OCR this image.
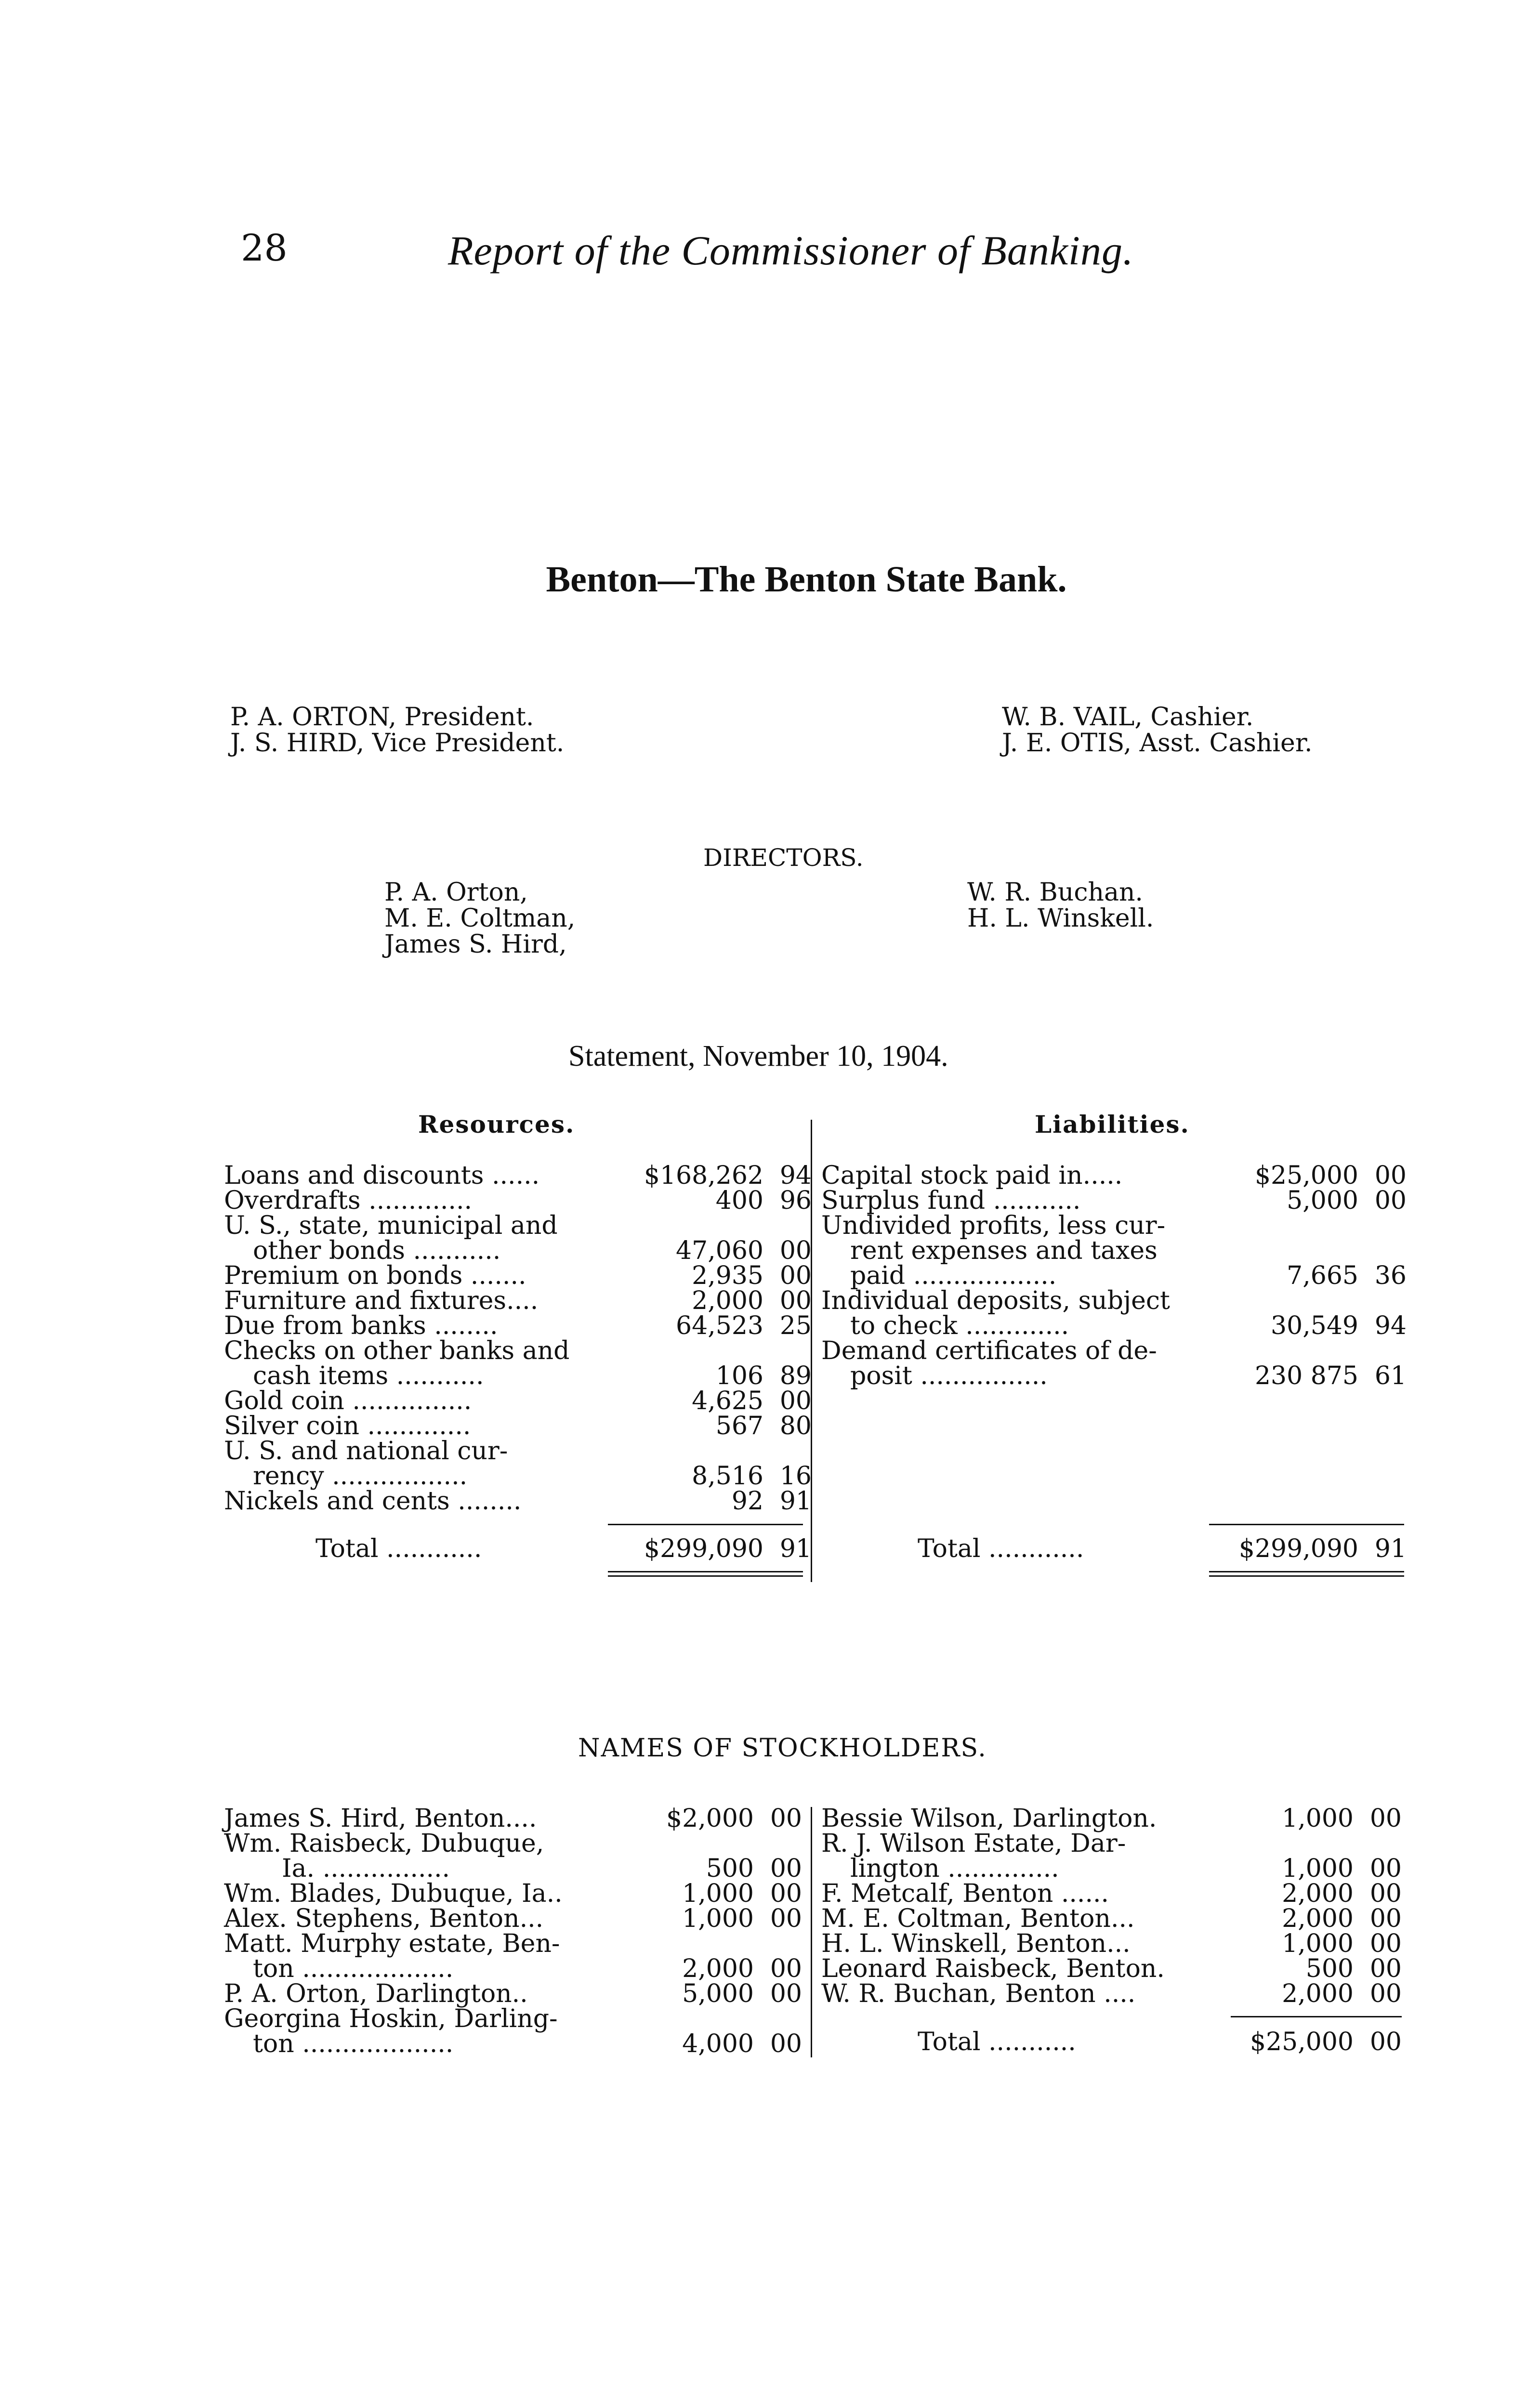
28	Report of the Commissioner of Banking.
Benton—The Benton State Bank.
P. A. ORTON, President.
J. S. HIRD, Vice President.
W. B. VAIL, Cashier.
J. E. OTIS, Asst. Cashier.
DIRECTORS.
P. A. Orton,
M. E. Coltman,
James S. Hird,
W. R. Buchan.
H. L. Winskell.
Statement, November 10, 1904.
Resources.	Liabilities.
Loans and discounts ......	$168,262 94
Overdrafts .............	400 96
U. S., state, municipal and
other bonds ...........	47,060 00
Premium on bonds .......	2,935 00
Furniture and fixtures....	2,000 00
Due from banks ........	64,523 25
Checks on other banks and
cash items ...........	106 89
Gold coin ...............	4,625 00
Silver coin .............	567 80
U. S. and national cur-
rency .................	8,516 16
Nickels and cents ........	92 91
Total ............	$299,090 91
Capital stock paid in.....	$25,000 00
Surplus fund ...........	5,000 00
Undivided profits, less cur-
rent expenses and taxes
paid ..................	7,665 36
Individual deposits, subject
to check .............	30,549 94
Demand certificates of de-
posit ................	230 875 61
Total ............	$299,090 91
NAMES OF STOCKHOLDERS.
James S. Hird, Benton....	$2,000 00
Wm. Raisbeck, Dubuque,
Ia. ................	500 00
Wm. Blades, Dubuque, Ia..	1,000 00
Alex. Stephens, Benton...	1,000 00
Matt. Murphy estate, Ben-
ton ...................	2,000 00
P. A. Orton, Darlington..	5,000 00
Georgina Hoskin, Darling-
ton ...................	4,000 00
Bessie Wilson, Darlington.	1,000 00
R. J. Wilson Estate, Dar-
lington ..............	1,000 00
F. Metcalf, Benton ......	2,000 00
M. E. Coltman, Benton...	2,000 00
H. L. Winskell, Benton...	1,000 00
Leonard Raisbeck, Benton.	500 00
W. R. Buchan, Benton ....	2,000 00
Total ...........	$25,000 00
